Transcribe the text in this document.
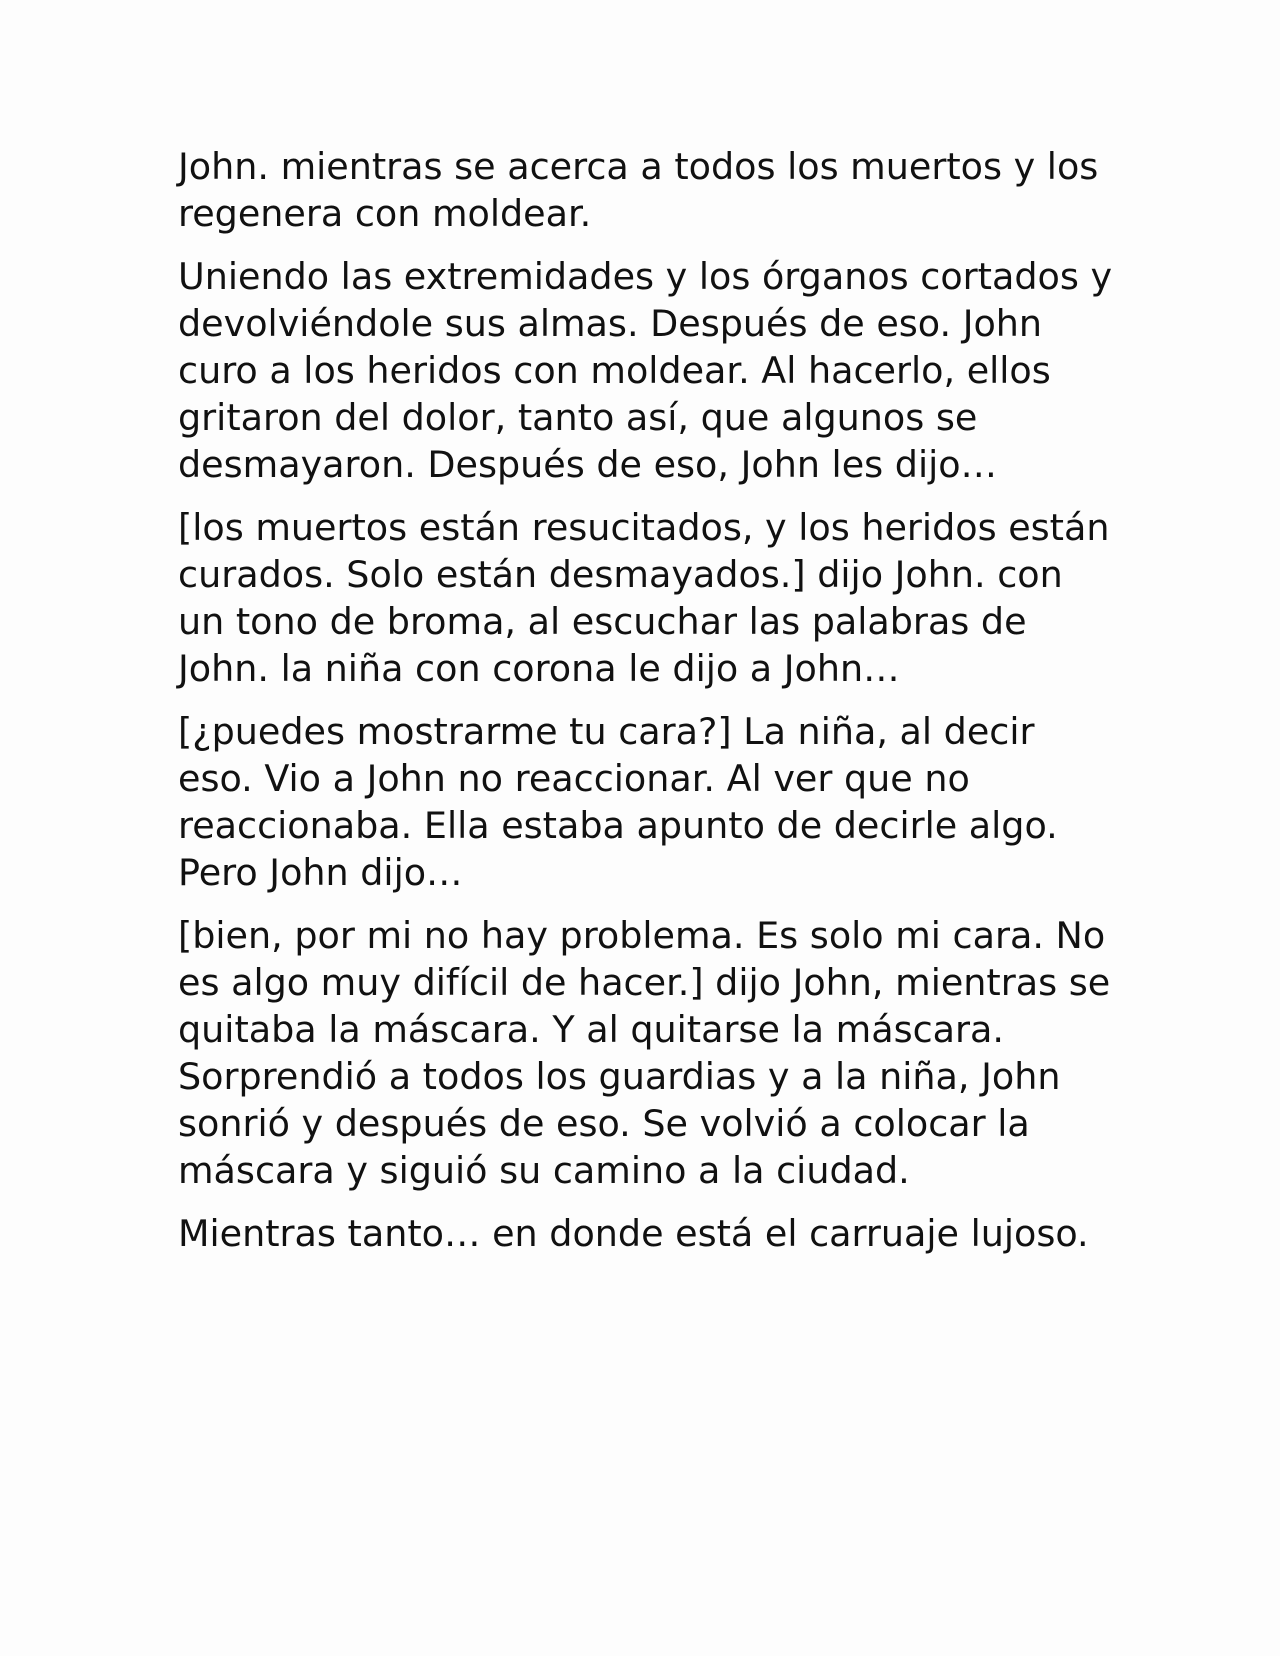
John. mientras se acerca a todos los muertos y los regenera con moldear.

Uniendo las extremidades y los órganos cortados y devolviéndole sus almas. Después de eso. John curo a los heridos con moldear. Al hacerlo, ellos gritaron del dolor, tanto así, que algunos se desmayaron. Después de eso, John les dijo…

[los muertos están resucitados, y los heridos están curados. Solo están desmayados.] dijo John. con un tono de broma, al escuchar las palabras de John. la niña con corona le dijo a John…

[¿puedes mostrarme tu cara?] La niña, al decir eso. Vio a John no reaccionar. Al ver que no reaccionaba. Ella estaba apunto de decirle algo. Pero John dijo…

[bien, por mi no hay problema. Es solo mi cara. No es algo muy difícil de hacer.] dijo John, mientras se quitaba la máscara. Y al quitarse la máscara. Sorprendió a todos los guardias y a la niña, John sonrió y después de eso. Se volvió a colocar la máscara y siguió su camino a la ciudad.

Mientras tanto… en donde está el carruaje lujoso.
